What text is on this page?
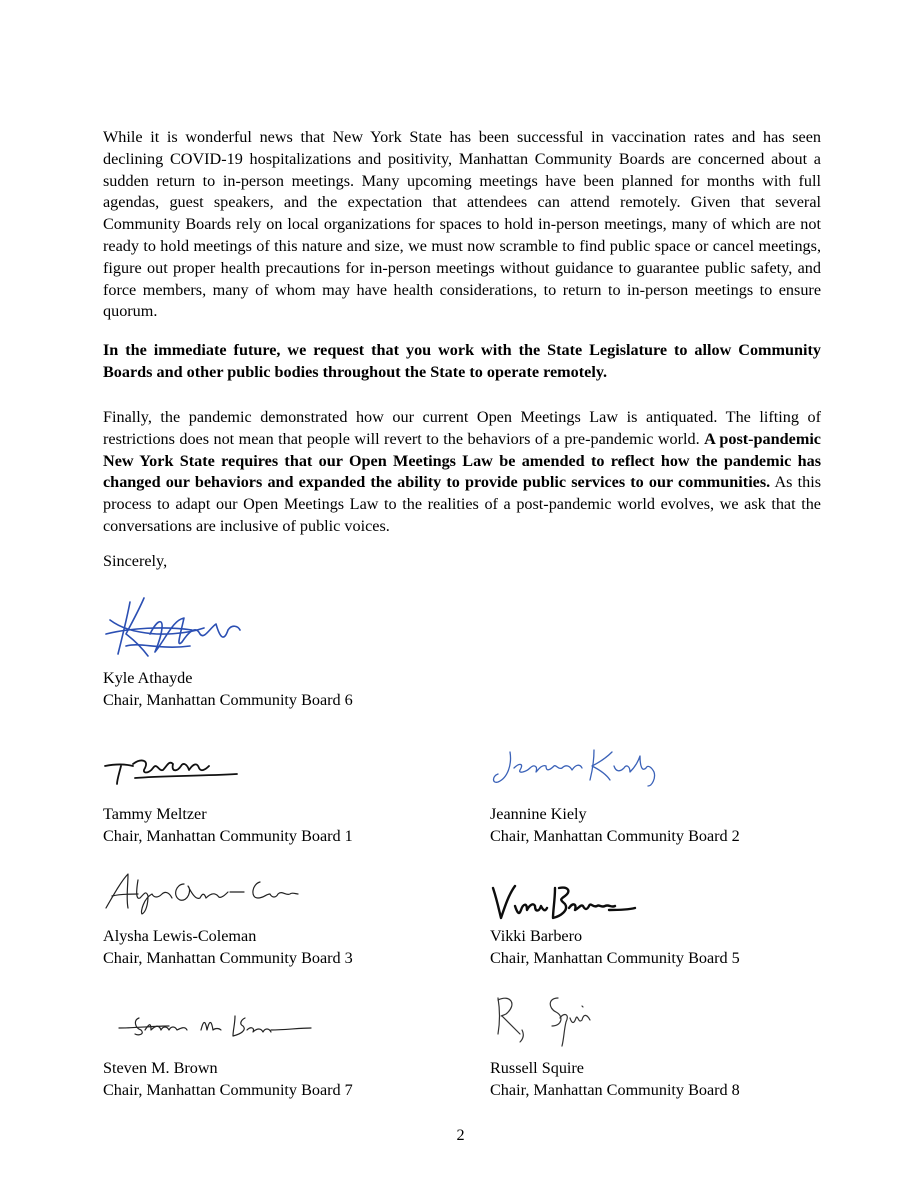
While it is wonderful news that New York State has been successful in vaccination rates and has seen declining COVID-19 hospitalizations and positivity, Manhattan Community Boards are concerned about a sudden return to in-person meetings. Many upcoming meetings have been planned for months with full agendas, guest speakers, and the expectation that attendees can attend remotely. Given that several Community Boards rely on local organizations for spaces to hold in-person meetings, many of which are not ready to hold meetings of this nature and size, we must now scramble to find public space or cancel meetings, figure out proper health precautions for in-person meetings without guidance to guarantee public safety, and force members, many of whom may have health considerations, to return to in-person meetings to ensure quorum.

In the immediate future, we request that you work with the State Legislature to allow Community Boards and other public bodies throughout the State to operate remotely.

Finally, the pandemic demonstrated how our current Open Meetings Law is antiquated. The lifting of restrictions does not mean that people will revert to the behaviors of a pre-pandemic world. A post-pandemic New York State requires that our Open Meetings Law be amended to reflect how the pandemic has changed our behaviors and expanded the ability to provide public services to our communities. As this process to adapt our Open Meetings Law to the realities of a post-pandemic world evolves, we ask that the conversations are inclusive of public voices.

Sincerely,
Kyle Athayde
Chair, Manhattan Community Board 6
Tammy Meltzer
Chair, Manhattan Community Board 1
Jeannine Kiely
Chair, Manhattan Community Board 2
Alysha Lewis-Coleman
Chair, Manhattan Community Board 3
Vikki Barbero
Chair, Manhattan Community Board 5
Steven M. Brown
Chair, Manhattan Community Board 7
Russell Squire
Chair, Manhattan Community Board 8
2
